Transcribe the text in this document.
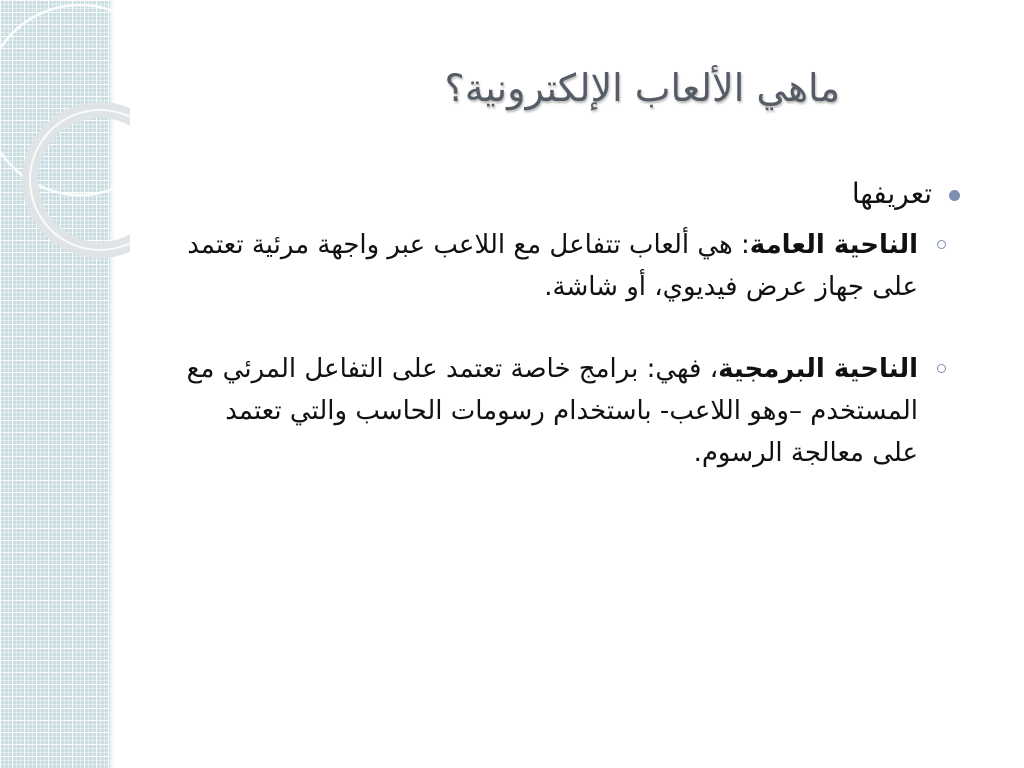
ماهي الألعاب الإلكترونية؟
تعريفها
الناحية العامة: هي ألعاب تتفاعل مع اللاعب عبر واجهة مرئية تعتمد على جهاز عرض فيديوي، أو شاشة.
الناحية البرمجية، فهي: برامج خاصة تعتمد على التفاعل المرئي مع المستخدم –وهو اللاعب- باستخدام رسومات الحاسب والتي تعتمد على معالجة الرسوم.
